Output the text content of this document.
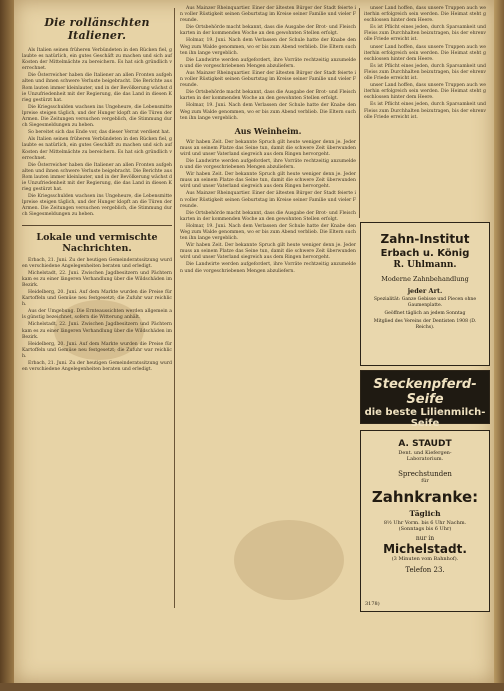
Die rollänschten Italiener.

Als Italien seinen früheren Verbündeten in den Rücken fiel, glaubte es natürlich, ein gutes Geschäft zu machen und sich auf Kosten der Mittelmächte zu bereichern. Es hat sich gründlich verrechnet.

Die Österreicher haben die Italiener an allen Fronten aufgehalten und ihnen schwere Verluste beigebracht. Die Berichte aus Rom lauten immer kleinlauter, und in der Bevölkerung wächst die Unzufriedenheit mit der Regierung, die das Land in diesen Krieg gestürzt hat.

Die Kriegsschulden wachsen ins Ungeheure, die Lebensmittelpreise steigen täglich, und der Hunger klopft an die Türen der Armen. Die Zeitungen versuchen vergeblich, die Stimmung durch Siegesmeldungen zu heben.

So bereitet sich das Ende vor, das dieser Verrat verdient hat.

Als Italien seinen früheren Verbündeten in den Rücken fiel, glaubte es natürlich, ein gutes Geschäft zu machen und sich auf Kosten der Mittelmächte zu bereichern. Es hat sich gründlich verrechnet.

Die Österreicher haben die Italiener an allen Fronten aufgehalten und ihnen schwere Verluste beigebracht. Die Berichte aus Rom lauten immer kleinlauter, und in der Bevölkerung wächst die Unzufriedenheit mit der Regierung, die das Land in diesen Krieg gestürzt hat.

Die Kriegsschulden wachsen ins Ungeheure, die Lebensmittelpreise steigen täglich, und der Hunger klopft an die Türen der Armen. Die Zeitungen versuchen vergeblich, die Stimmung durch Siegesmeldungen zu heben.

Lokale und vermischte Nachrichten.

Erbach, 21. Juni. Zu der heutigen Gemeinderatssitzung wurden verschiedene Angelegenheiten beraten und erledigt.

Michelstadt, 22. Juni. Zwischen Jagdbesitzern und Pächtern kam es zu einer längeren Verhandlung über die Wildschäden im Bezirk.

Heidelberg, 20. Juni. Auf dem Markte wurden die Preise für Kartoffeln und Gemüse neu festgesetzt; die Zufuhr war reichlich.

Aus der Umgebung. Die Ernteaussichten werden allgemein als günstig bezeichnet, sofern die Witterung anhält.

Michelstadt, 22. Juni. Zwischen Jagdbesitzern und Pächtern kam es zu einer längeren Verhandlung über die Wildschäden im Bezirk.

Heidelberg, 20. Juni. Auf dem Markte wurden die Preise für Kartoffeln und Gemüse neu festgesetzt; die Zufuhr war reichlich.

Erbach, 21. Juni. Zu der heutigen Gemeinderatssitzung wurden verschiedene Angelegenheiten beraten und erledigt.

Aus Mainzer Rheinquartier. Einer der ältesten Bürger der Stadt feierte in voller Rüstigkeit seinen Geburtstag im Kreise seiner Familie und vieler Freunde.

Die Ortsbehörde macht bekannt, dass die Ausgabe der Brot- und Fleischkarten in der kommenden Woche an den gewohnten Stellen erfolgt.

Holmar, 19. Juni. Nach dem Verlassen der Schule hatte der Knabe den Weg zum Walde genommen, wo er bis zum Abend verblieb. Die Eltern suchten ihn lange vergeblich.

Die Landwirte werden aufgefordert, ihre Vorräte rechtzeitig anzumelden und die vorgeschriebenen Mengen abzuliefern.

Aus Mainzer Rheinquartier. Einer der ältesten Bürger der Stadt feierte in voller Rüstigkeit seinen Geburtstag im Kreise seiner Familie und vieler Freunde.

Die Ortsbehörde macht bekannt, dass die Ausgabe der Brot- und Fleischkarten in der kommenden Woche an den gewohnten Stellen erfolgt.

Holmar, 19. Juni. Nach dem Verlassen der Schule hatte der Knabe den Weg zum Walde genommen, wo er bis zum Abend verblieb. Die Eltern suchten ihn lange vergeblich.

Aus Weinheim.

Wir haben Zeit. Der bekannte Spruch gilt heute weniger denn je. Jeder muss an seinem Platze das Seine tun, damit die schwere Zeit überwunden wird und unser Vaterland siegreich aus dem Ringen hervorgeht.

Die Landwirte werden aufgefordert, ihre Vorräte rechtzeitig anzumelden und die vorgeschriebenen Mengen abzuliefern.

Wir haben Zeit. Der bekannte Spruch gilt heute weniger denn je. Jeder muss an seinem Platze das Seine tun, damit die schwere Zeit überwunden wird und unser Vaterland siegreich aus dem Ringen hervorgeht.

Aus Mainzer Rheinquartier. Einer der ältesten Bürger der Stadt feierte in voller Rüstigkeit seinen Geburtstag im Kreise seiner Familie und vieler Freunde.

Die Ortsbehörde macht bekannt, dass die Ausgabe der Brot- und Fleischkarten in der kommenden Woche an den gewohnten Stellen erfolgt.

Holmar, 19. Juni. Nach dem Verlassen der Schule hatte der Knabe den Weg zum Walde genommen, wo er bis zum Abend verblieb. Die Eltern suchten ihn lange vergeblich.

Wir haben Zeit. Der bekannte Spruch gilt heute weniger denn je. Jeder muss an seinem Platze das Seine tun, damit die schwere Zeit überwunden wird und unser Vaterland siegreich aus dem Ringen hervorgeht.

Die Landwirte werden aufgefordert, ihre Vorräte rechtzeitig anzumelden und die vorgeschriebenen Mengen abzuliefern.

unser Land hoffen, dass unsere Truppen auch weiterhin erfolgreich sein werden. Die Heimat steht geschlossen hinter dem Heere.

Es ist Pflicht eines jeden, durch Sparsamkeit und Fleiss zum Durchhalten beizutragen, bis der ehrenvolle Friede erreicht ist.

unser Land hoffen, dass unsere Truppen auch weiterhin erfolgreich sein werden. Die Heimat steht geschlossen hinter dem Heere.

Es ist Pflicht eines jeden, durch Sparsamkeit und Fleiss zum Durchhalten beizutragen, bis der ehrenvolle Friede erreicht ist.

unser Land hoffen, dass unsere Truppen auch weiterhin erfolgreich sein werden. Die Heimat steht geschlossen hinter dem Heere.

Es ist Pflicht eines jeden, durch Sparsamkeit und Fleiss zum Durchhalten beizutragen, bis der ehrenvolle Friede erreicht ist.

Zahn-Institut
Erbach u. König
R. Uhlmann.
Moderne Zahnbehandlung
jeder Art.
Spezialität: Ganze Gebisse und Piecen ohne Gaumenplatte.
Geöffnet täglich an jedem Sonntag
Mitglied des Vereins der Dentisten 1908 (D. Reichs).
Steckenpferd-Seife
die beste Lilienmilch-Seife
A. STAUDT
Dent. und Kiefergen-
Laboratorium.
Sprechstunden
für
Zahnkranke:
Täglich
8½ Uhr Vorm. bis 6 Uhr Nachm.
(Sonntags bis 6 Uhr)
nur in
Michelstadt.
(3 Minuten vom Bahnhof).
Telefon 23.
3178)
